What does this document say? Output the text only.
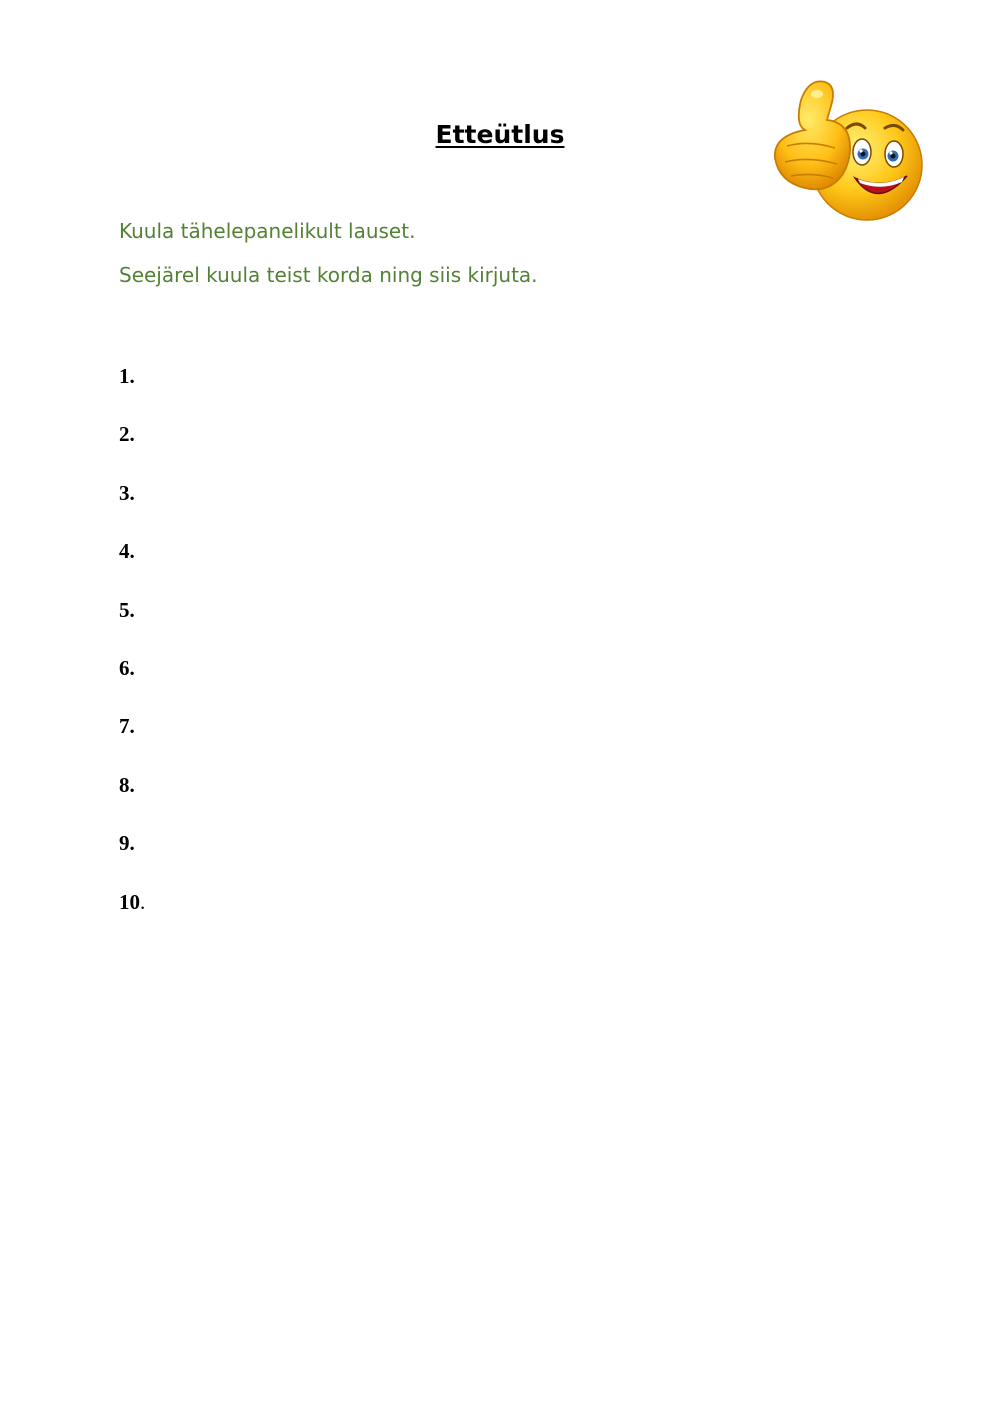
Etteütlus

Kuula tähelepanelikult lauset.

Seejärel kuula teist korda ning siis kirjuta.

1.
2.
3.
4.
5.
6.
7.
8.
9.
10.
